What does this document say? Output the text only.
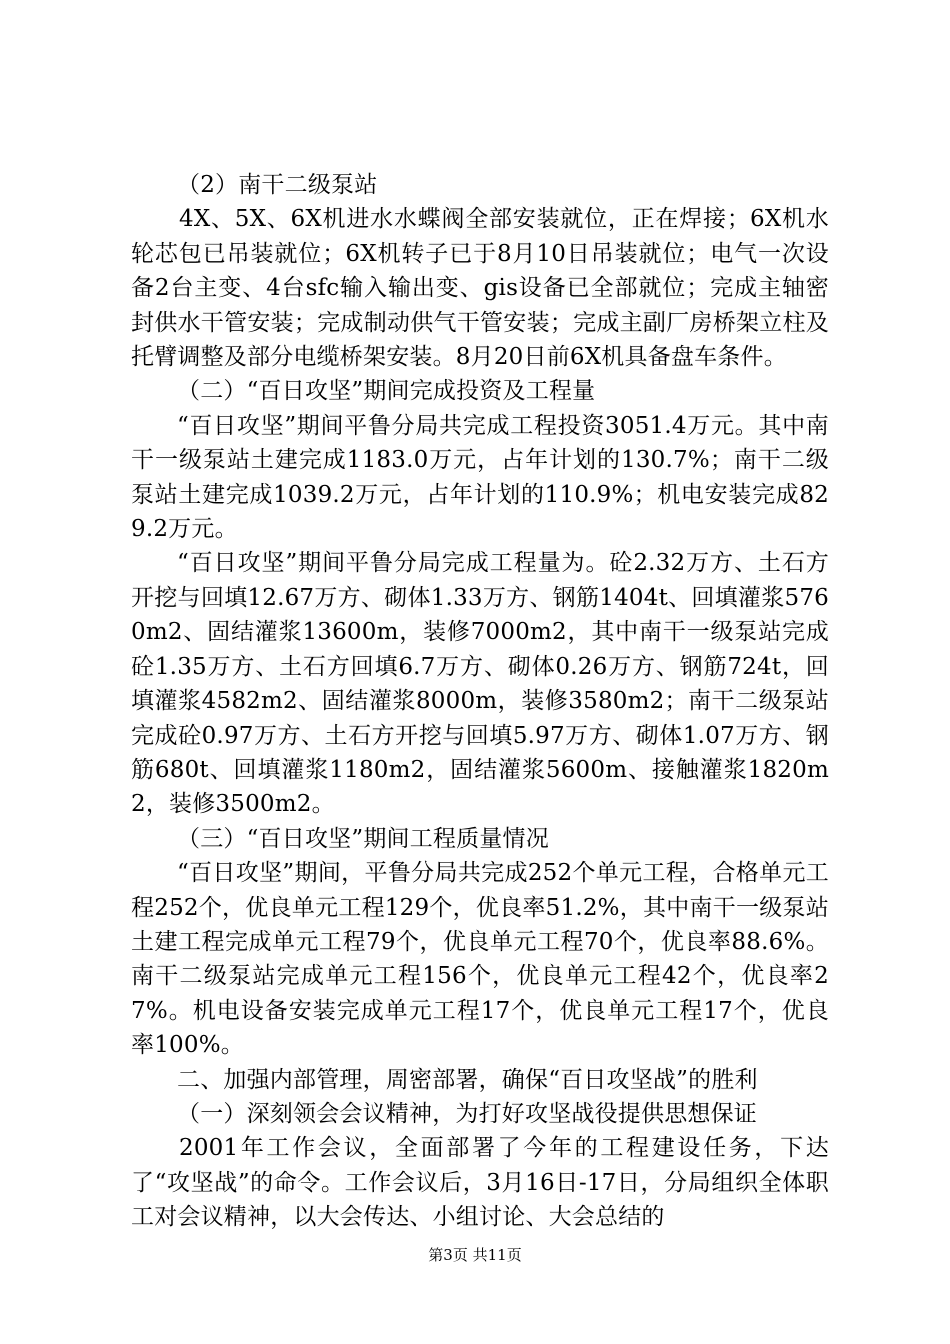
（2）南干二级泵站

4X、5X、6X机进水水蝶阀全部安装就位，正在焊接；6X机水轮芯包已吊装就位；6X机转子已于8月10日吊装就位；电气一次设备2台主变、4台sfc输入输出变、gis设备已全部就位；完成主轴密封供水干管安装；完成制动供气干管安装；完成主副厂房桥架立柱及托臂调整及部分电缆桥架安装。8月20日前6X机具备盘车条件。

（二）“百日攻坚”期间完成投资及工程量

“百日攻坚”期间平鲁分局共完成工程投资3051.4万元。其中南干一级泵站土建完成1183.0万元，占年计划的130.7%；南干二级泵站土建完成1039.2万元，占年计划的110.9%；机电安装完成829.2万元。

“百日攻坚”期间平鲁分局完成工程量为。砼2.32万方、土石方开挖与回填12.67万方、砌体1.33万方、钢筋1404t、回填灌浆5760m2、固结灌浆13600m，装修7000m2，其中南干一级泵站完成砼1.35万方、土石方回填6.7万方、砌体0.26万方、钢筋724t，回填灌浆4582m2、固结灌浆8000m，装修3580m2；南干二级泵站完成砼0.97万方、土石方开挖与回填5.97万方、砌体1.07万方、钢筋680t、回填灌浆1180m2，固结灌浆5600m、接触灌浆1820m2，装修3500m2。

（三）“百日攻坚”期间工程质量情况

“百日攻坚”期间，平鲁分局共完成252个单元工程，合格单元工程252个，优良单元工程129个，优良率51.2%，其中南干一级泵站土建工程完成单元工程79个，优良单元工程70个，优良率88.6%。南干二级泵站完成单元工程156个，优良单元工程42个，优良率27%。机电设备安装完成单元工程17个，优良单元工程17个，优良率100%。

二、加强内部管理，周密部署，确保“百日攻坚战”的胜利

（一）深刻领会会议精神，为打好攻坚战役提供思想保证

2001年工作会议，全面部署了今年的工程建设任务，下达了“攻坚战”的命令。工作会议后，3月16日-17日，分局组织全体职工对会议精神，以大会传达、小组讨论、大会总结的

第3页 共11页
